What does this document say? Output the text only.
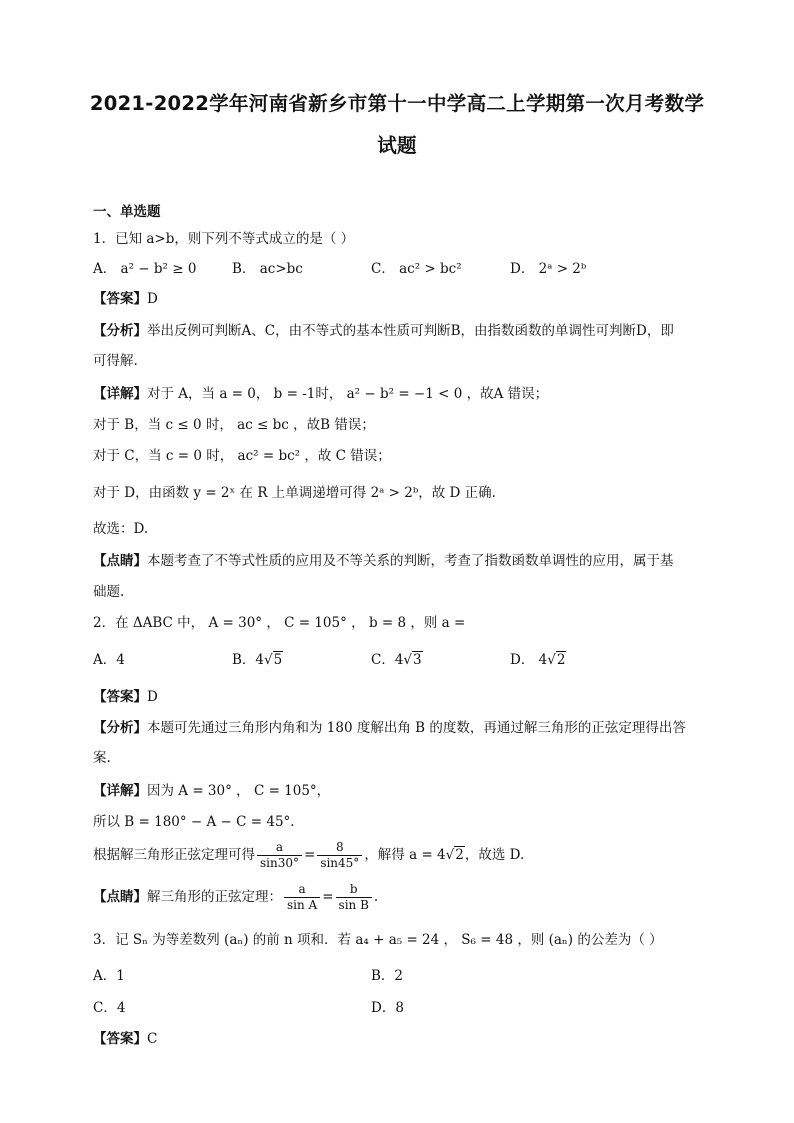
2021-2022学年河南省新乡市第十一中学高二上学期第一次月考数学
试题
一、单选题
1．已知 a>b，则下列不等式成立的是（ ）
A． a² − b² ≥ 0	B． ac>bc	C． ac² > bc²	D． 2ᵃ > 2ᵇ
【答案】D
【分析】举出反例可判断A、C，由不等式的基本性质可判断B，由指数函数的单调性可判断D，即
可得解.
【详解】对于 A，当 a = 0， b = -1时， a² − b² = −1 < 0 ，故A 错误；
对于 B，当 c ≤ 0 时， ac ≤ bc ，故B 错误；
对于 C，当 c = 0 时， ac² = bc² ，故 C 错误；
对于 D，由函数 y = 2ˣ 在 R 上单调递增可得 2ᵃ > 2ᵇ，故 D 正确.
故选：D.
【点睛】本题考查了不等式性质的应用及不等关系的判断，考查了指数函数单调性的应用，属于基
础题.
2．在 ΔABC 中， A = 30° ， C = 105° ， b = 8 ，则 a =
A．4	B．4√5	C．4√3	D． 4√2
【答案】D
【分析】本题可先通过三角形内角和为 180 度解出角 B 的度数，再通过解三角形的正弦定理得出答
案.
【详解】因为 A = 30° ， C = 105°，
所以 B = 180° − A − C = 45°.
根据解三角形正弦定理可得 $\frac{a}{\sin 30^\circ} = \frac{8}{\sin 45^\circ}$ ，解得 a = 4√2，故选 D.
【点睛】解三角形的正弦定理： $\frac{a}{\text{sin A}} = \frac{b}{\text{sin B}}$ .
3．记 Sₙ 为等差数列 (aₙ) 的前 n 项和．若 a₄ + a₅ = 24 ， S₆ = 48 ，则 (aₙ) 的公差为（ ）
A．1	B．2
C．4	D．8
【答案】C
